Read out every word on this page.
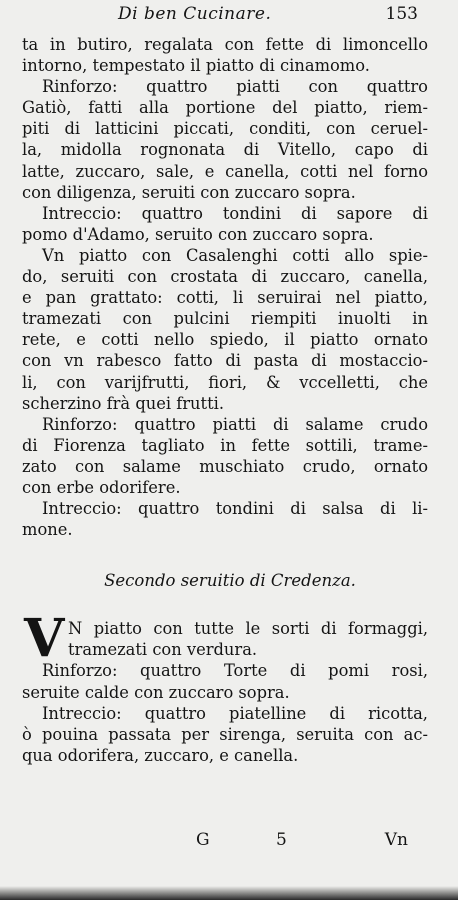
Di ben Cucinare.	153
ta in butiro, regalata con fette di limoncello
intorno, tempestato il piatto di cinamomo.
Rinforzo: quattro piatti con quattro
Gatiò, fatti alla portione del piatto, riem-
piti di latticini piccati, conditi, con ceruel-
la, midolla rognonata di Vitello, capo di
latte, zuccaro, sale, e canella, cotti nel forno
con diligenza, seruiti con zuccaro sopra.
Intreccio: quattro tondini di sapore di
pomo d'Adamo, seruito con zuccaro sopra.
Vn piatto con Casalenghi cotti allo spie-
do, seruiti con crostata di zuccaro, canella,
e pan grattato: cotti, li seruirai nel piatto,
tramezati con pulcini riempiti inuolti in
rete, e cotti nello spiedo, il piatto ornato
con vn rabesco fatto di pasta di mostaccio-
li, con varijfrutti, fiori, & vccelletti, che
scherzino frà quei frutti.
Rinforzo: quattro piatti di salame crudo
di Fiorenza tagliato in fette sottili, trame-
zato con salame muschiato crudo, ornato
con erbe odorifere.
Intreccio: quattro tondini di salsa di li-
mone.
Secondo seruitio di Credenza.
V N piatto con tutte le sorti di formaggi,
tramezati con verdura.
Rinforzo: quattro Torte di pomi rosi,
seruite calde con zuccaro sopra.
Intreccio: quattro piatelline di ricotta,
ò pouina passata per sirenga, seruita con ac-
qua odorifera, zuccaro, e canella.
G	5	Vn
